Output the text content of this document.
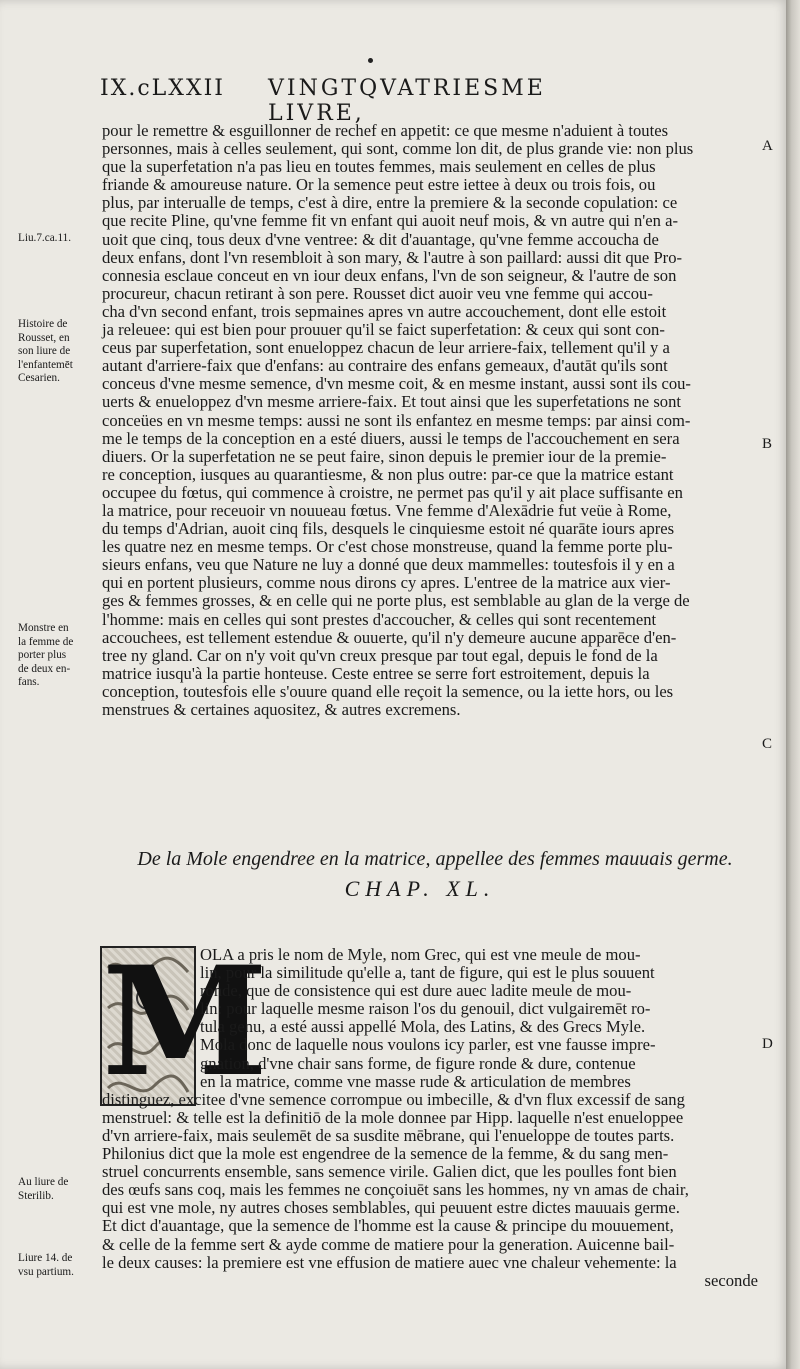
IX.cLXXII VINGTQVATRIESME LIVRE,

pour le remettre & esguillonner de rechef en appetit: ce que mesme n'aduient à toutes

personnes, mais à celles seulement, qui sont, comme lon dit, de plus grande vie: non plus

que la superfetation n'a pas lieu en toutes femmes, mais seulement en celles de plus

friande & amoureuse nature. Or la semence peut estre iettee à deux ou trois fois, ou

plus, par interualle de temps, c'est à dire, entre la premiere & la seconde copulation: ce

que recite Pline, qu'vne femme fit vn enfant qui auoit neuf mois, & vn autre qui n'en a-

uoit que cinq, tous deux d'vne ventree: & dit d'auantage, qu'vne femme accoucha de

deux enfans, dont l'vn resembloit à son mary, & l'autre à son paillard: aussi dit que Pro-

connesia esclaue conceut en vn iour deux enfans, l'vn de son seigneur, & l'autre de son

procureur, chacun retirant à son pere. Rousset dict auoir veu vne femme qui accou-

cha d'vn second enfant, trois sepmaines apres vn autre accouchement, dont elle estoit

ja releuee: qui est bien pour prouuer qu'il se faict superfetation: & ceux qui sont con-

ceus par superfetation, sont enueloppez chacun de leur arriere-faix, tellement qu'il y a

autant d'arriere-faix que d'enfans: au contraire des enfans gemeaux, d'autāt qu'ils sont

conceus d'vne mesme semence, d'vn mesme coit, & en mesme instant, aussi sont ils cou-

uerts & enueloppez d'vn mesme arriere-faix. Et tout ainsi que les superfetations ne sont

conceües en vn mesme temps: aussi ne sont ils enfantez en mesme temps: par ainsi com-

me le temps de la conception en a esté diuers, aussi le temps de l'accouchement en sera

diuers. Or la superfetation ne se peut faire, sinon depuis le premier iour de la premie-

re conception, iusques au quarantiesme, & non plus outre: par-ce que la matrice estant

occupee du fœtus, qui commence à croistre, ne permet pas qu'il y ait place suffisante en

la matrice, pour receuoir vn nouueau fœtus. Vne femme d'Alexādrie fut veüe à Rome,

du temps d'Adrian, auoit cinq fils, desquels le cinquiesme estoit né quarāte iours apres

les quatre nez en mesme temps. Or c'est chose monstreuse, quand la femme porte plu-

sieurs enfans, veu que Nature ne luy a donné que deux mammelles: toutesfois il y en a

qui en portent plusieurs, comme nous dirons cy apres. L'entree de la matrice aux vier-

ges & femmes grosses, & en celle qui ne porte plus, est semblable au glan de la verge de

l'homme: mais en celles qui sont prestes d'accoucher, & celles qui sont recentement

accouchees, est tellement estendue & ouuerte, qu'il n'y demeure aucune apparēce d'en-

tree ny gland. Car on n'y voit qu'vn creux presque par tout egal, depuis le fond de la

matrice iusqu'à la partie honteuse. Ceste entree se serre fort estroitement, depuis la

conception, toutesfois elle s'ouure quand elle reçoit la semence, ou la iette hors, ou les

menstrues & certaines aquositez, & autres excremens.

De la Mole engendree en la matrice, appellee des femmes mauuais germe.
CHAP. XL.
M

OLA a pris le nom de Myle, nom Grec, qui est vne meule de mou-

lin, pour la similitude qu'elle a, tant de figure, qui est le plus souuent

ronde, que de consistence qui est dure auec ladite meule de mou-

lin: pour laquelle mesme raison l'os du genouil, dict vulgairemēt ro-

tula genu, a esté aussi appellé Mola, des Latins, & des Grecs Myle.

Mola donc de laquelle nous voulons icy parler, est vne fausse impre-

gnation, d'vne chair sans forme, de figure ronde & dure, contenue

en la matrice, comme vne masse rude & articulation de membres

distinguez, excitee d'vne semence corrompue ou imbecille, & d'vn flux excessif de sang

menstruel: & telle est la definitiō de la mole donnee par Hipp. laquelle n'est enueloppee

d'vn arriere-faix, mais seulemēt de sa susdite mēbrane, qui l'enueloppe de toutes parts.

Philonius dict que la mole est engendree de la semence de la femme, & du sang men-

struel concurrents ensemble, sans semence virile. Galien dict, que les poulles font bien

des œufs sans coq, mais les femmes ne conçoiuēt sans les hommes, ny vn amas de chair,

qui est vne mole, ny autres choses semblables, qui peuuent estre dictes mauuais germe.

Et dict d'auantage, que la semence de l'homme est la cause & principe du mouuement,

& celle de la femme sert & ayde comme de matiere pour la generation. Auicenne bail-

le deux causes: la premiere est vne effusion de matiere auec vne chaleur vehemente: la

seconde

Liu.7.ca.11.
Histoire de
Rousset, en
son liure de
l'enfantemēt
Cesarien.
Monstre en
la femme de
porter plus
de deux en-
fans.
Au liure de
Sterilib.
Liure 14. de
vsu partium.
A
B
C
D
